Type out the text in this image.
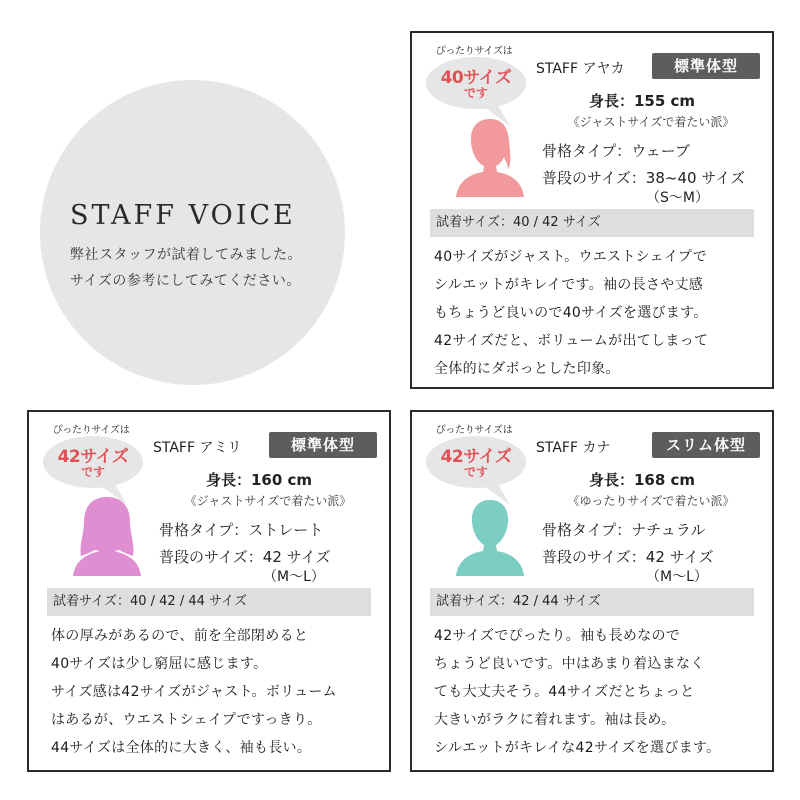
STAFF VOICE
弊社スタッフが試着してみました。
サイズの参考にしてみてください。
ぴったりサイズは
40サイズ
です
STAFF アヤカ	標準体型
身長：155 cm
《ジャストサイズで着たい派》
骨格タイプ：ウェーブ
普段のサイズ：38~40 サイズ
（S〜M）
試着サイズ：40 / 42 サイズ

40サイズがジャスト。ウエストシェイプで

シルエットがキレイです。袖の長さや丈感

もちょうど良いので40サイズを選びます。

42サイズだと、ボリュームが出てしまって

全体的にダボっとした印象。

ぴったりサイズは
42サイズ
です
STAFF アミリ	標準体型
身長：160 cm
《ジャストサイズで着たい派》
骨格タイプ：ストレート
普段のサイズ：42 サイズ
（M〜L）
試着サイズ：40 / 42 / 44 サイズ

体の厚みがあるので、前を全部閉めると

40サイズは少し窮屈に感じます。

サイズ感は42サイズがジャスト。ボリューム

はあるが、ウエストシェイプですっきり。

44サイズは全体的に大きく、袖も長い。

ぴったりサイズは
42サイズ
です
STAFF カナ	スリム体型
身長：168 cm
《ゆったりサイズで着たい派》
骨格タイプ：ナチュラル
普段のサイズ：42 サイズ
（M〜L）
試着サイズ：42 / 44 サイズ

42サイズでぴったり。袖も長めなので

ちょうど良いです。中はあまり着込まなく

ても大丈夫そう。44サイズだとちょっと

大きいがラクに着れます。袖は長め。

シルエットがキレイな42サイズを選びます。
